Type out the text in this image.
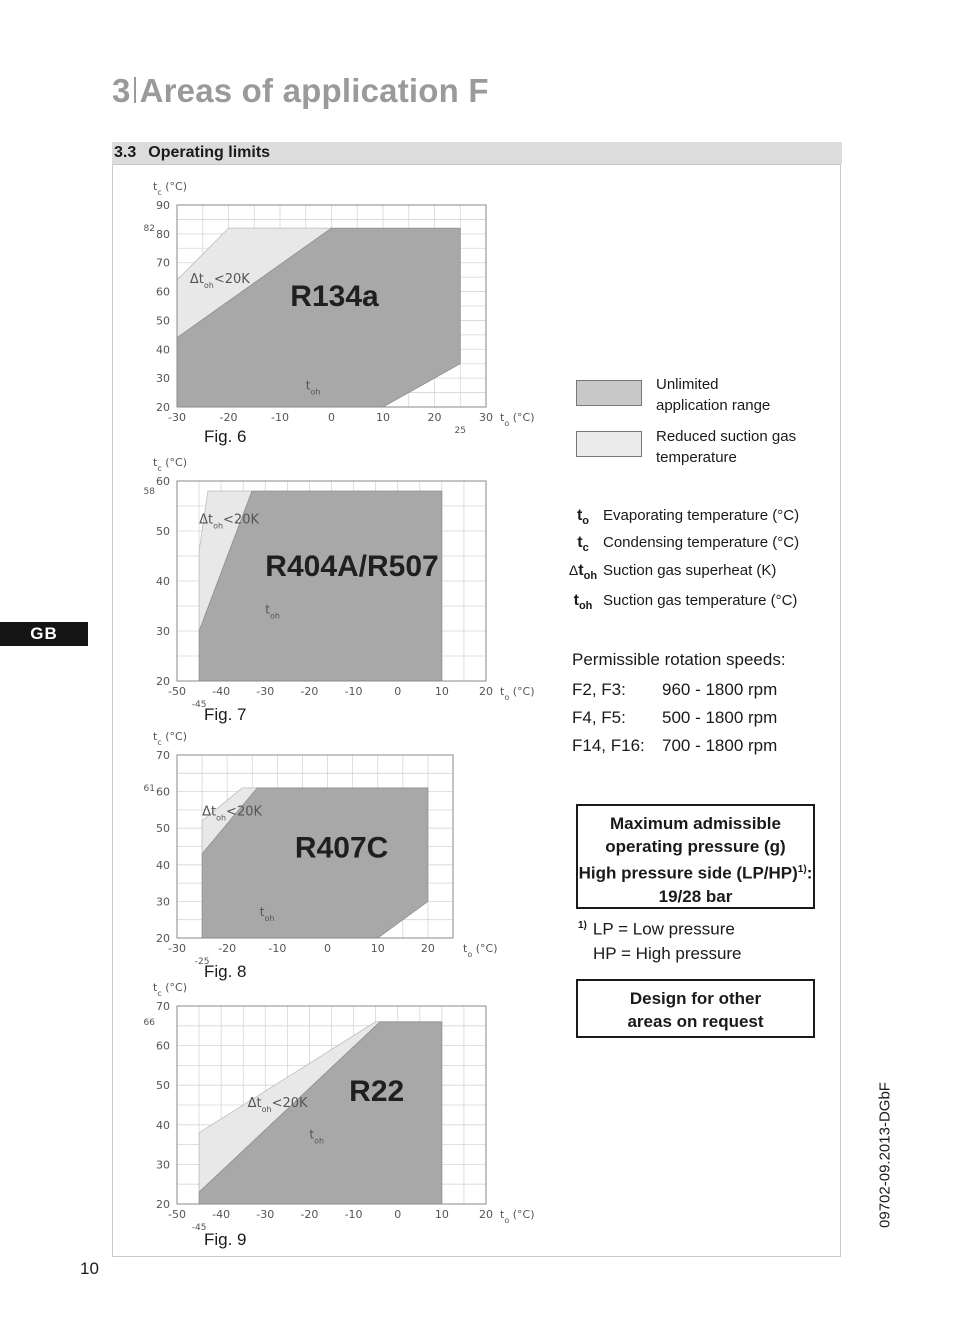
3 Areas of application F
3.3 Operating limits
GB
-30	-20	-10	0	10	20	30
20
30
40
50
60
70
80
90
25
82
$t_o$ (°C)
$t_c$ (°C)
$\Delta t_{oh}<20K$
$t_{oh}$
R134a
Fig. 6
-50 -40 -30 -20 -10	0	10	20
20
30
40
50
60
-45
58
$t_o$ (°C)
$t_c$ (°C)
$\Delta t_{oh}<20K$
$t_{oh}$
R404A/R507
Fig. 7
-30	-20	-10	0	10	20
20
30
40
50
60
70
-25
61
$t_o$ (°C)
$t_c$ (°C)
$\Delta t_{oh}<20K$
$t_{oh}$
R407C
Fig. 8
-50 -40 -30 -20 -10	0	10	20
20
30
40
50
60
70
-45
66
$t_o$ (°C)
$t_c$ (°C)
$\Delta t_{oh}<20K$
$t_{oh}$
R22
Fig. 9
Unlimited
application range
Reduced suction gas
temperature
$t_o$ Evaporating temperature (°C)
$t_c$ Condensing temperature (°C)
$\Delta t_{oh}$ Suction gas superheat (K)
$t_{oh}$ Suction gas temperature (°C)
Permissible rotation speeds:
F2, F3:	960 - 1800 rpm
F4, F5:	500 - 1800 rpm
F14, F16:	700 - 1800 rpm
Maximum admissible
operating pressure (g)
High pressure side $(LP/HP)^{1)}$:
19/28 bar
$^{1)}$ LP = Low pressure
HP = High pressure
Design for other
areas on request
09702-09.2013-DGbF
10
